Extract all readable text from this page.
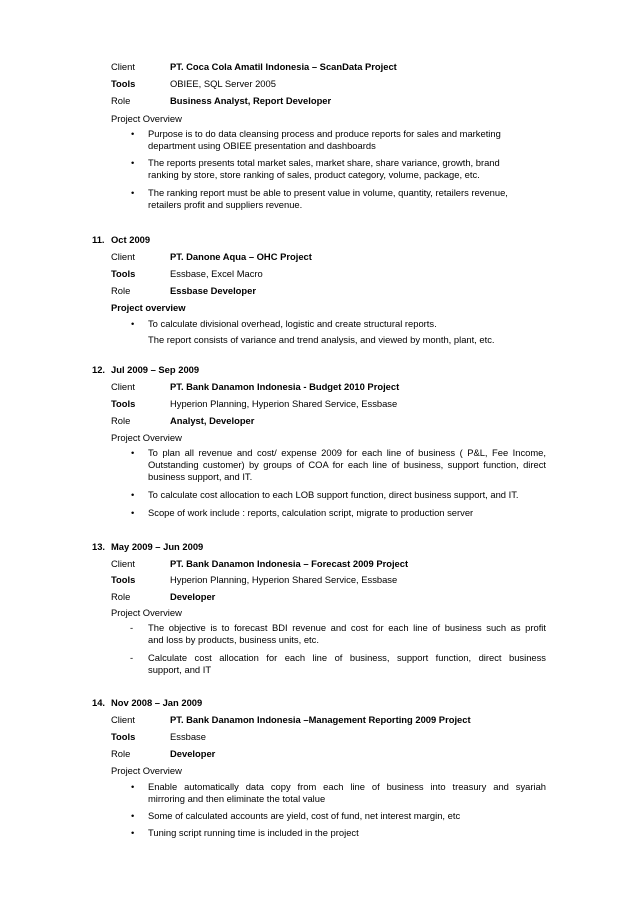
Client	PT. Coca Cola Amatil Indonesia – ScanData Project
Tools	OBIEE, SQL Server 2005
Role	Business Analyst, Report Developer
Project Overview
• Purpose is to do data cleansing process and produce reports for sales and marketing
department using OBIEE presentation and dashboards
• The reports presents total market sales, market share, share variance, growth, brand
ranking by store, store ranking of sales, product category, volume, package, etc.
• The ranking report must be able to present value in volume, quantity, retailers revenue,
retailers profit and suppliers revenue.
11. Oct 2009
Client	PT. Danone Aqua – OHC Project
Tools	Essbase, Excel Macro
Role	Essbase Developer
Project overview
• To calculate divisional overhead, logistic and create structural reports.
The report consists of variance and trend analysis, and viewed by month, plant, etc.
12. Jul 2009 – Sep 2009
Client	PT. Bank Danamon Indonesia - Budget 2010 Project
Tools	Hyperion Planning, Hyperion Shared Service, Essbase
Role	Analyst, Developer
Project Overview
• To plan all revenue and cost/ expense 2009 for each line of business ( P&L, Fee Income,
Outstanding customer) by groups of COA for each line of business, support function, direct
business support, and IT.
• To calculate cost allocation to each LOB support function, direct business support, and IT.
• Scope of work include : reports, calculation script, migrate to production server
13. May 2009 – Jun 2009
Client	PT. Bank Danamon Indonesia – Forecast 2009 Project
Tools	Hyperion Planning, Hyperion Shared Service, Essbase
Role	Developer
Project Overview
- The objective is to forecast BDI revenue and cost for each line of business such as profit
and loss by products, business units, etc.
- Calculate cost allocation for each line of business, support function, direct business
support, and IT
14. Nov 2008 – Jan 2009
Client	PT. Bank Danamon Indonesia –Management Reporting 2009 Project
Tools	Essbase
Role	Developer
Project Overview
• Enable automatically data copy from each line of business into treasury and syariah
mirroring and then eliminate the total value
• Some of calculated accounts are yield, cost of fund, net interest margin, etc
• Tuning script running time is included in the project
